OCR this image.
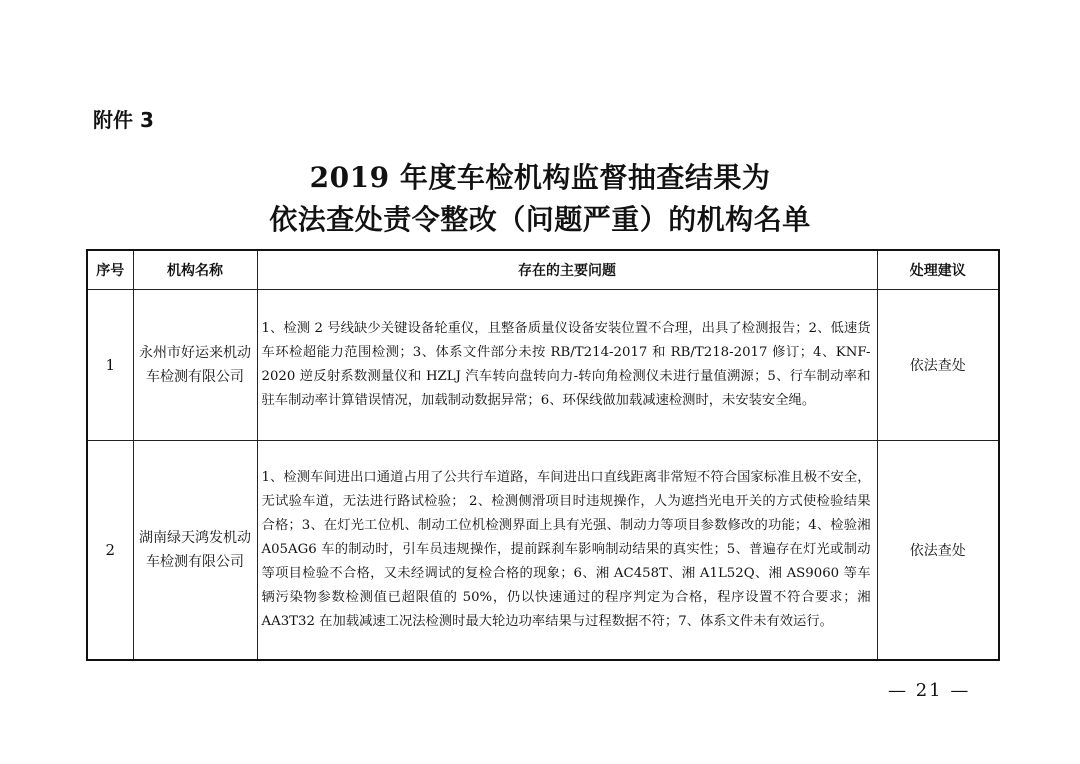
附件 3
2019 年度车检机构监督抽查结果为
依法查处责令整改（问题严重）的机构名单
序号	机构名称	存在的主要问题	处理建议
1	永州市好运来机动车检测有限公司	1、检测 2 号线缺少关键设备轮重仪，且整备质量仪设备安装位置不合理，出具了检测报告；2、低速货车环检超能力范围检测；3、体系文件部分未按 RB/T214-2017 和 RB/T218-2017 修订；4、KNF-2020 逆反射系数测量仪和 HZLJ 汽车转向盘转向力-转向角检测仪未进行量值溯源；5、行车制动率和驻车制动率计算错误情况，加载制动数据异常；6、环保线做加载减速检测时，未安装安全绳。	依法查处
2	湖南绿天鸿发机动车检测有限公司	1、检测车间进出口通道占用了公共行车道路，车间进出口直线距离非常短不符合国家标准且极不安全，无试验车道，无法进行路试检验； 2、检测侧滑项目时违规操作，人为遮挡光电开关的方式使检验结果合格；3、在灯光工位机、制动工位机检测界面上具有光强、制动力等项目参数修改的功能；4、检验湘 A05AG6 车的制动时，引车员违规操作，提前踩刹车影响制动结果的真实性；5、普遍存在灯光或制动等项目检验不合格，又未经调试的复检合格的现象；6、湘 AC458T、湘 A1L52Q、湘 AS9060 等车辆污染物参数检测值已超限值的 50%，仍以快速通过的程序判定为合格，程序设置不符合要求；湘 AA3T32 在加载减速工况法检测时最大轮边功率结果与过程数据不符；7、体系文件未有效运行。	依法查处
— 21 —
